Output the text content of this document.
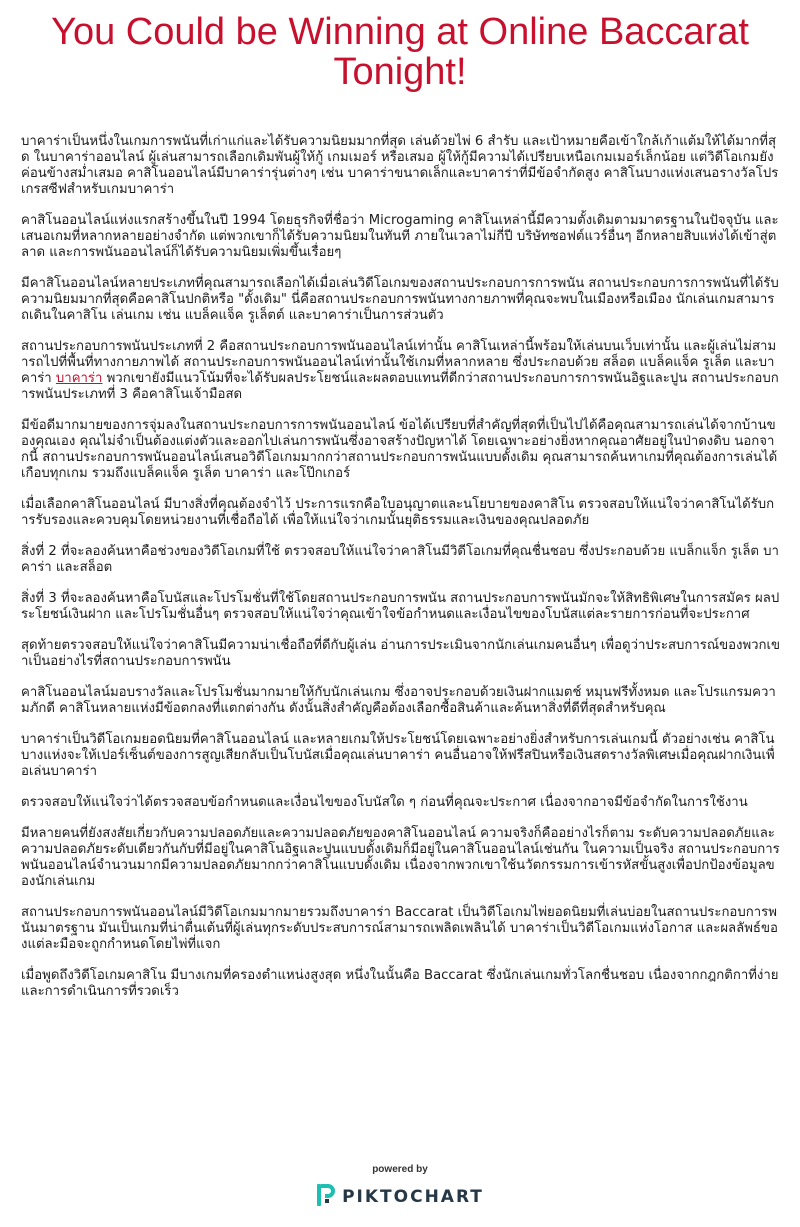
You Could be Winning at Online Baccarat Tonight!

บาคาร่าเป็นหนึ่งในเกมการพนันที่เก่าแก่และได้รับความนิยมมากที่สุด เล่นด้วยไพ่ 6 สำรับ และเป้าหมายคือเข้าใกล้เก้าแต้มให้ได้มากที่สุด ในบาคาร่าออนไลน์ ผู้เล่นสามารถเลือกเดิมพันผู้ให้กู้ เกมเมอร์ หรือเสมอ ผู้ให้กู้มีความได้เปรียบเหนือเกมเมอร์เล็กน้อย แต่วิดีโอเกมยังค่อนข้างสม่ำเสมอ คาสิโนออนไลน์มีบาคาร่ารุ่นต่างๆ เช่น บาคาร่าขนาดเล็กและบาคาร่าที่มีข้อจำกัดสูง คาสิโนบางแห่งเสนอรางวัลโปรเกรสซีฟสำหรับเกมบาคาร่า

คาสิโนออนไลน์แห่งแรกสร้างขึ้นในปี 1994 โดยธุรกิจที่ชื่อว่า Microgaming คาสิโนเหล่านี้มีความตั้งเดิมตามมาตรฐานในปัจจุบัน และเสนอเกมที่หลากหลายอย่างจำกัด แต่พวกเขาก็ได้รับความนิยมในทันที ภายในเวลาไม่กี่ปี บริษัทซอฟต์แวร์อื่นๆ อีกหลายสิบแห่งได้เข้าสู่ตลาด และการพนันออนไลน์ก็ได้รับความนิยมเพิ่มขึ้นเรื่อยๆ

มีคาสิโนออนไลน์หลายประเภทที่คุณสามารถเลือกได้เมื่อเล่นวิดีโอเกมของสถานประกอบการการพนัน สถานประกอบการการพนันที่ได้รับความนิยมมากที่สุดคือคาสิโนปกติหรือ "ดั้งเดิม" นี่คือสถานประกอบการพนันทางกายภาพที่คุณจะพบในเมืองหรือเมือง นักเล่นเกมสามารถเดินในคาสิโน เล่นเกม เช่น แบล็คแจ็ค รูเล็ตต์ และบาคาร่าเป็นการส่วนตัว

สถานประกอบการพนันประเภทที่ 2 คือสถานประกอบการพนันออนไลน์เท่านั้น คาสิโนเหล่านี้พร้อมให้เล่นบนเว็บเท่านั้น และผู้เล่นไม่สามารถไปที่พื้นที่ทางกายภาพได้ สถานประกอบการพนันออนไลน์เท่านั้นใช้เกมที่หลากหลาย ซึ่งประกอบด้วย สล็อต แบล็คแจ็ค รูเล็ต และบาคาร่า บาคาร่า พวกเขายังมีแนวโน้มที่จะได้รับผลประโยชน์และผลตอบแทนที่ดีกว่าสถานประกอบการการพนันอิฐและปูน สถานประกอบการพนันประเภทที่ 3 คือคาสิโนเจ้ามือสด

มีข้อดีมากมายของการจุ่มลงในสถานประกอบการการพนันออนไลน์ ข้อได้เปรียบที่สำคัญที่สุดที่เป็นไปได้คือคุณสามารถเล่นได้จากบ้านของคุณเอง คุณไม่จำเป็นต้องแต่งตัวและออกไปเล่นการพนันซึ่งอาจสร้างปัญหาได้ โดยเฉพาะอย่างยิ่งหากคุณอาศัยอยู่ในป่าดงดิบ นอกจากนี้ สถานประกอบการพนันออนไลน์เสนอวิดีโอเกมมากกว่าสถานประกอบการพนันแบบดั้งเดิม คุณสามารถค้นหาเกมที่คุณต้องการเล่นได้เกือบทุกเกม รวมถึงแบล็คแจ็ค รูเล็ต บาคาร่า และโป๊กเกอร์

เมื่อเลือกคาสิโนออนไลน์ มีบางสิ่งที่คุณต้องจำไว้ ประการแรกคือใบอนุญาตและนโยบายของคาสิโน ตรวจสอบให้แน่ใจว่าคาสิโนได้รับการรับรองและควบคุมโดยหน่วยงานที่เชื่อถือได้ เพื่อให้แน่ใจว่าเกมนั้นยุติธรรมและเงินของคุณปลอดภัย

สิ่งที่ 2 ที่จะลองค้นหาคือช่วงของวิดีโอเกมที่ใช้ ตรวจสอบให้แน่ใจว่าคาสิโนมีวิดีโอเกมที่คุณชื่นชอบ ซึ่งประกอบด้วย แบล็กแจ็ก รูเล็ต บาคาร่า และสล็อต

สิ่งที่ 3 ที่จะลองค้นหาคือโบนัสและโปรโมชั่นที่ใช้โดยสถานประกอบการพนัน สถานประกอบการพนันมักจะให้สิทธิพิเศษในการสมัคร ผลประโยชน์เงินฝาก และโปรโมชั่นอื่นๆ ตรวจสอบให้แน่ใจว่าคุณเข้าใจข้อกำหนดและเงื่อนไขของโบนัสแต่ละรายการก่อนที่จะประกาศ

สุดท้ายตรวจสอบให้แน่ใจว่าคาสิโนมีความน่าเชื่อถือที่ดีกับผู้เล่น อ่านการประเมินจากนักเล่นเกมคนอื่นๆ เพื่อดูว่าประสบการณ์ของพวกเขาเป็นอย่างไรที่สถานประกอบการพนัน

คาสิโนออนไลน์มอบรางวัลและโปรโมชั่นมากมายให้กับนักเล่นเกม ซึ่งอาจประกอบด้วยเงินฝากแมตช์ หมุนฟรีทั้งหมด และโปรแกรมความภักดี คาสิโนหลายแห่งมีข้อตกลงที่แตกต่างกัน ดังนั้นสิ่งสำคัญคือต้องเลือกซื้อสินค้าและค้นหาสิ่งที่ดีที่สุดสำหรับคุณ

บาคาร่าเป็นวิดีโอเกมยอดนิยมที่คาสิโนออนไลน์ และหลายเกมให้ประโยชน์โดยเฉพาะอย่างยิ่งสำหรับการเล่นเกมนี้ ตัวอย่างเช่น คาสิโนบางแห่งจะให้เปอร์เซ็นต์ของการสูญเสียกลับเป็นโบนัสเมื่อคุณเล่นบาคาร่า คนอื่นอาจให้ฟรีสปินหรือเงินสดรางวัลพิเศษเมื่อคุณฝากเงินเพื่อเล่นบาคาร่า

ตรวจสอบให้แน่ใจว่าได้ตรวจสอบข้อกำหนดและเงื่อนไขของโบนัสใด ๆ ก่อนที่คุณจะประกาศ เนื่องจากอาจมีข้อจำกัดในการใช้งาน

มีหลายคนที่ยังสงสัยเกี่ยวกับความปลอดภัยและความปลอดภัยของคาสิโนออนไลน์ ความจริงก็คืออย่างไรก็ตาม ระดับความปลอดภัยและความปลอดภัยระดับเดียวกันกับที่มีอยู่ในคาสิโนอิฐและปูนแบบดั้งเดิมก็มีอยู่ในคาสิโนออนไลน์เช่นกัน ในความเป็นจริง สถานประกอบการพนันออนไลน์จำนวนมากมีความปลอดภัยมากกว่าคาสิโนแบบดั้งเดิม เนื่องจากพวกเขาใช้นวัตกรรมการเข้ารหัสขั้นสูงเพื่อปกป้องข้อมูลของนักเล่นเกม

สถานประกอบการพนันออนไลน์มีวิดีโอเกมมากมายรวมถึงบาคาร่า Baccarat เป็นวิดีโอเกมไพ่ยอดนิยมที่เล่นบ่อยในสถานประกอบการพนันมาตรฐาน มันเป็นเกมที่น่าตื่นเต้นที่ผู้เล่นทุกระดับประสบการณ์สามารถเพลิดเพลินได้ บาคาร่าเป็นวิดีโอเกมแห่งโอกาส และผลลัพธ์ของแต่ละมือจะถูกกำหนดโดยไพ่ที่แจก

เมื่อพูดถึงวิดีโอเกมคาสิโน มีบางเกมที่ครองตำแหน่งสูงสุด หนึ่งในนั้นคือ Baccarat ซึ่งนักเล่นเกมทั่วโลกชื่นชอบ เนื่องจากกฎกติกาที่ง่ายและการดำเนินการที่รวดเร็ว

powered by
PIKTOCHART
